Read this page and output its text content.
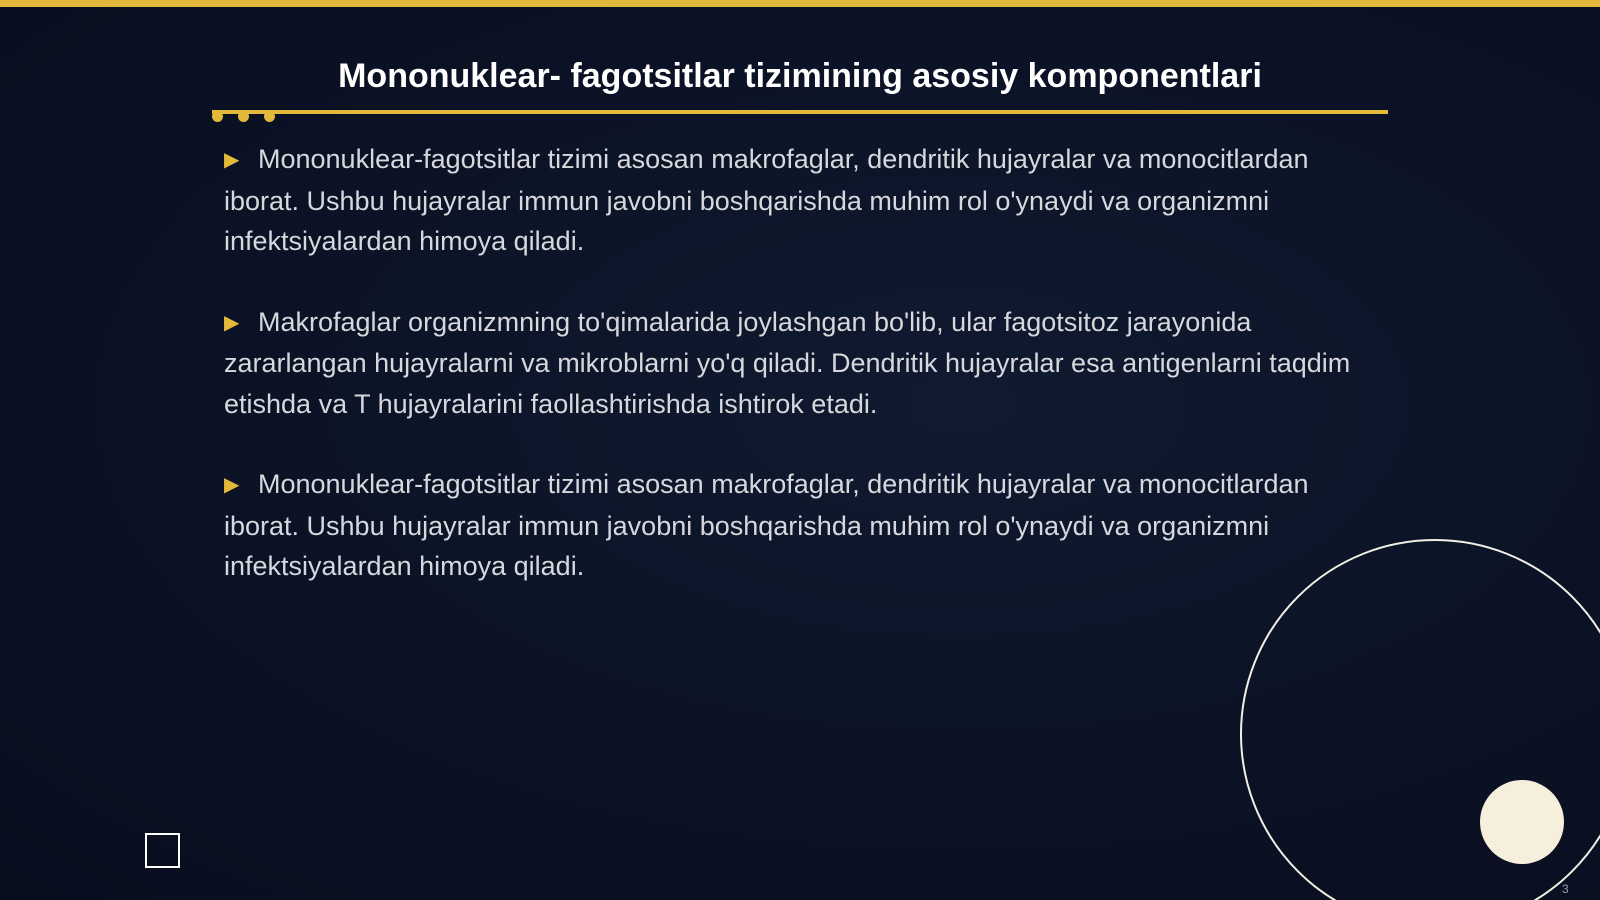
Mononuklear- fagotsitlar tizimining asosiy komponentlari
▶ Mononuklear-fagotsitlar tizimi asosan makrofaglar, dendritik hujayralar va monocitlardan iborat. Ushbu hujayralar immun javobni boshqarishda muhim rol o'ynaydi va organizmni infektsiyalardan himoya qiladi.
▶ Makrofaglar organizmning to'qimalarida joylashgan bo'lib, ular fagotsitoz jarayonida zararlangan hujayralarni va mikroblarni yo'q qiladi. Dendritik hujayralar esa antigenlarni taqdim etishda va T hujayralarini faollashtirishda ishtirok etadi.
▶ Mononuklear-fagotsitlar tizimi asosan makrofaglar, dendritik hujayralar va monocitlardan iborat. Ushbu hujayralar immun javobni boshqarishda muhim rol o'ynaydi va organizmni infektsiyalardan himoya qiladi.
3
